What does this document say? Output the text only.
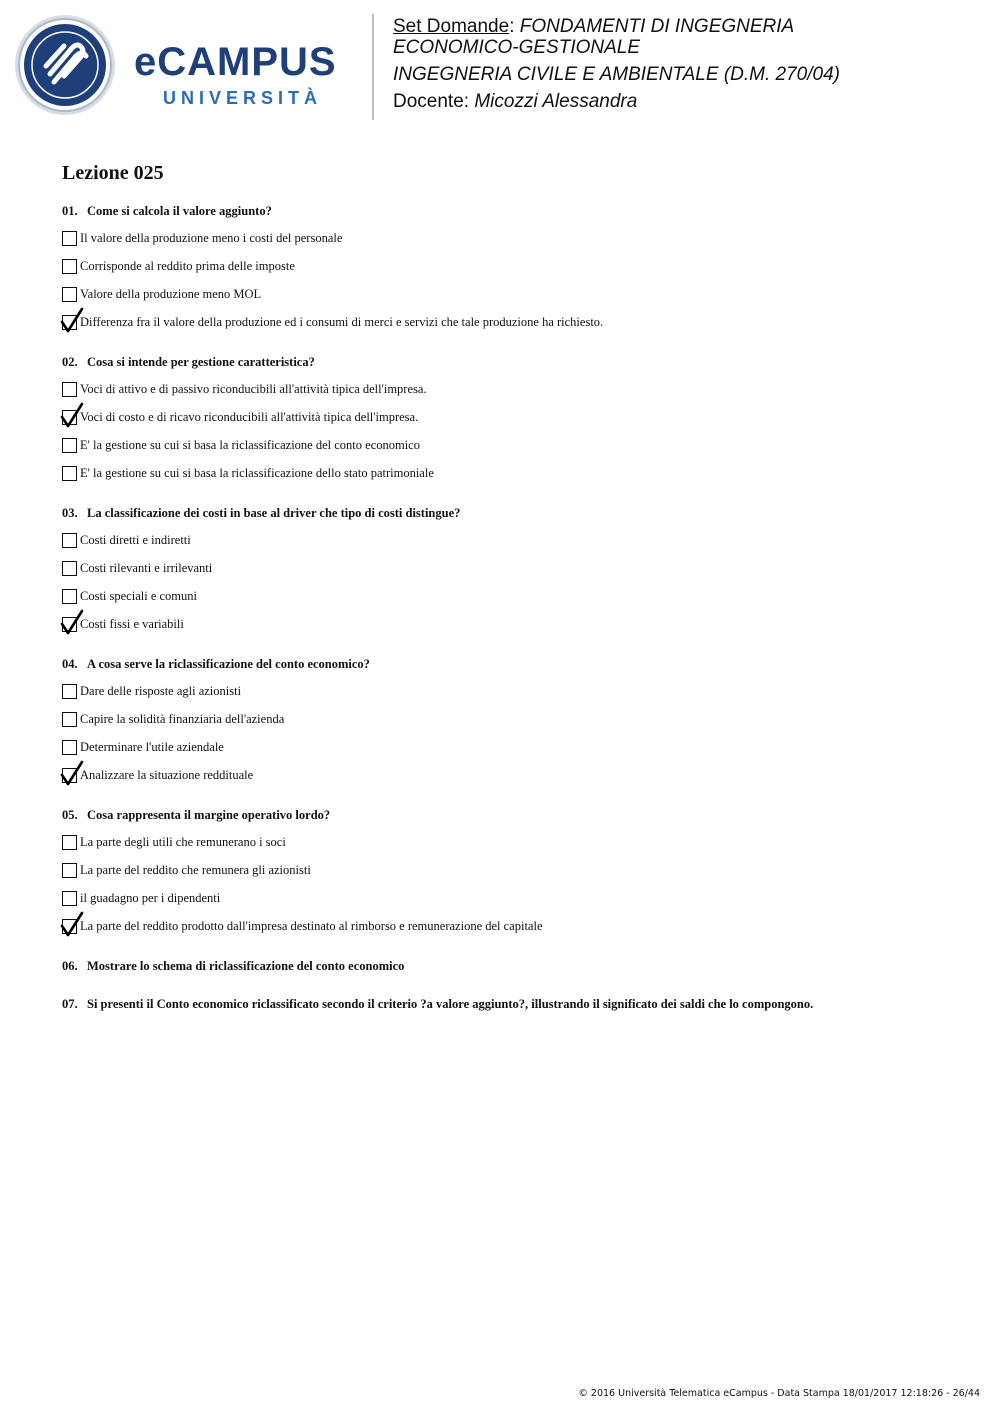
eCAMPUS
UNIVERSITÀ
Set Domande: FONDAMENTI DI INGEGNERIA
ECONOMICO-GESTIONALE
INGEGNERIA CIVILE E AMBIENTALE (D.M. 270/04)
Docente: Micozzi Alessandra
Lezione 025
01. Come si calcola il valore aggiunto?
Il valore della produzione meno i costi del personale
Corrisponde al reddito prima delle imposte
Valore della produzione meno MOL
Differenza fra il valore della produzione ed i consumi di merci e servizi che tale produzione ha richiesto.
02. Cosa si intende per gestione caratteristica?
Voci di attivo e di passivo riconducibili all'attività tipica dell'impresa.
Voci di costo e di ricavo riconducibili all'attività tipica dell'impresa.
E' la gestione su cui si basa la riclassificazione del conto economico
E' la gestione su cui si basa la riclassificazione dello stato patrimoniale
03. La classificazione dei costi in base al driver che tipo di costi distingue?
Costi diretti e indiretti
Costi rilevanti e irrilevanti
Costi speciali e comuni
Costi fissi e variabili
04. A cosa serve la riclassificazione del conto economico?
Dare delle risposte agli azionisti
Capire la solidità finanziaria dell'azienda
Determinare l'utile aziendale
Analizzare la situazione reddituale
05. Cosa rappresenta il margine operativo lordo?
La parte degli utili che remunerano i soci
La parte del reddito che remunera gli azionisti
il guadagno per i dipendenti
La parte del reddito prodotto dall'impresa destinato al rimborso e remunerazione del capitale
06. Mostrare lo schema di riclassificazione del conto economico
07. Si presenti il Conto economico riclassificato secondo il criterio ?a valore aggiunto?, illustrando il significato dei saldi che lo compongono.
© 2016 Università Telematica eCampus - Data Stampa 18/01/2017 12:18:26 - 26/44
